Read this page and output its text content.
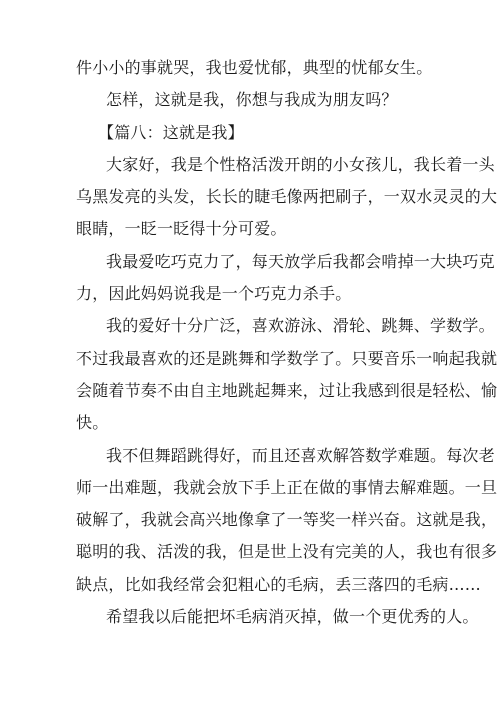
件小小的事就哭，我也爱忧郁，典型的忧郁女生。
怎样，这就是我，你想与我成为朋友吗？
【篇八：这就是我】
大家好，我是个性格活泼开朗的小女孩儿，我长着一头
乌黑发亮的头发，长长的睫毛像两把刷子，一双水灵灵的大
眼睛，一眨一眨得十分可爱。
我最爱吃巧克力了，每天放学后我都会啃掉一大块巧克
力，因此妈妈说我是一个巧克力杀手。
我的爱好十分广泛，喜欢游泳、滑轮、跳舞、学数学。
不过我最喜欢的还是跳舞和学数学了。只要音乐一响起我就
会随着节奏不由自主地跳起舞来，过让我感到很是轻松、愉
快。
我不但舞蹈跳得好，而且还喜欢解答数学难题。每次老
师一出难题，我就会放下手上正在做的事情去解难题。一旦
破解了，我就会高兴地像拿了一等奖一样兴奋。这就是我，
聪明的我、活泼的我，但是世上没有完美的人，我也有很多
缺点，比如我经常会犯粗心的毛病，丢三落四的毛病……
希望我以后能把坏毛病消灭掉，做一个更优秀的人。
